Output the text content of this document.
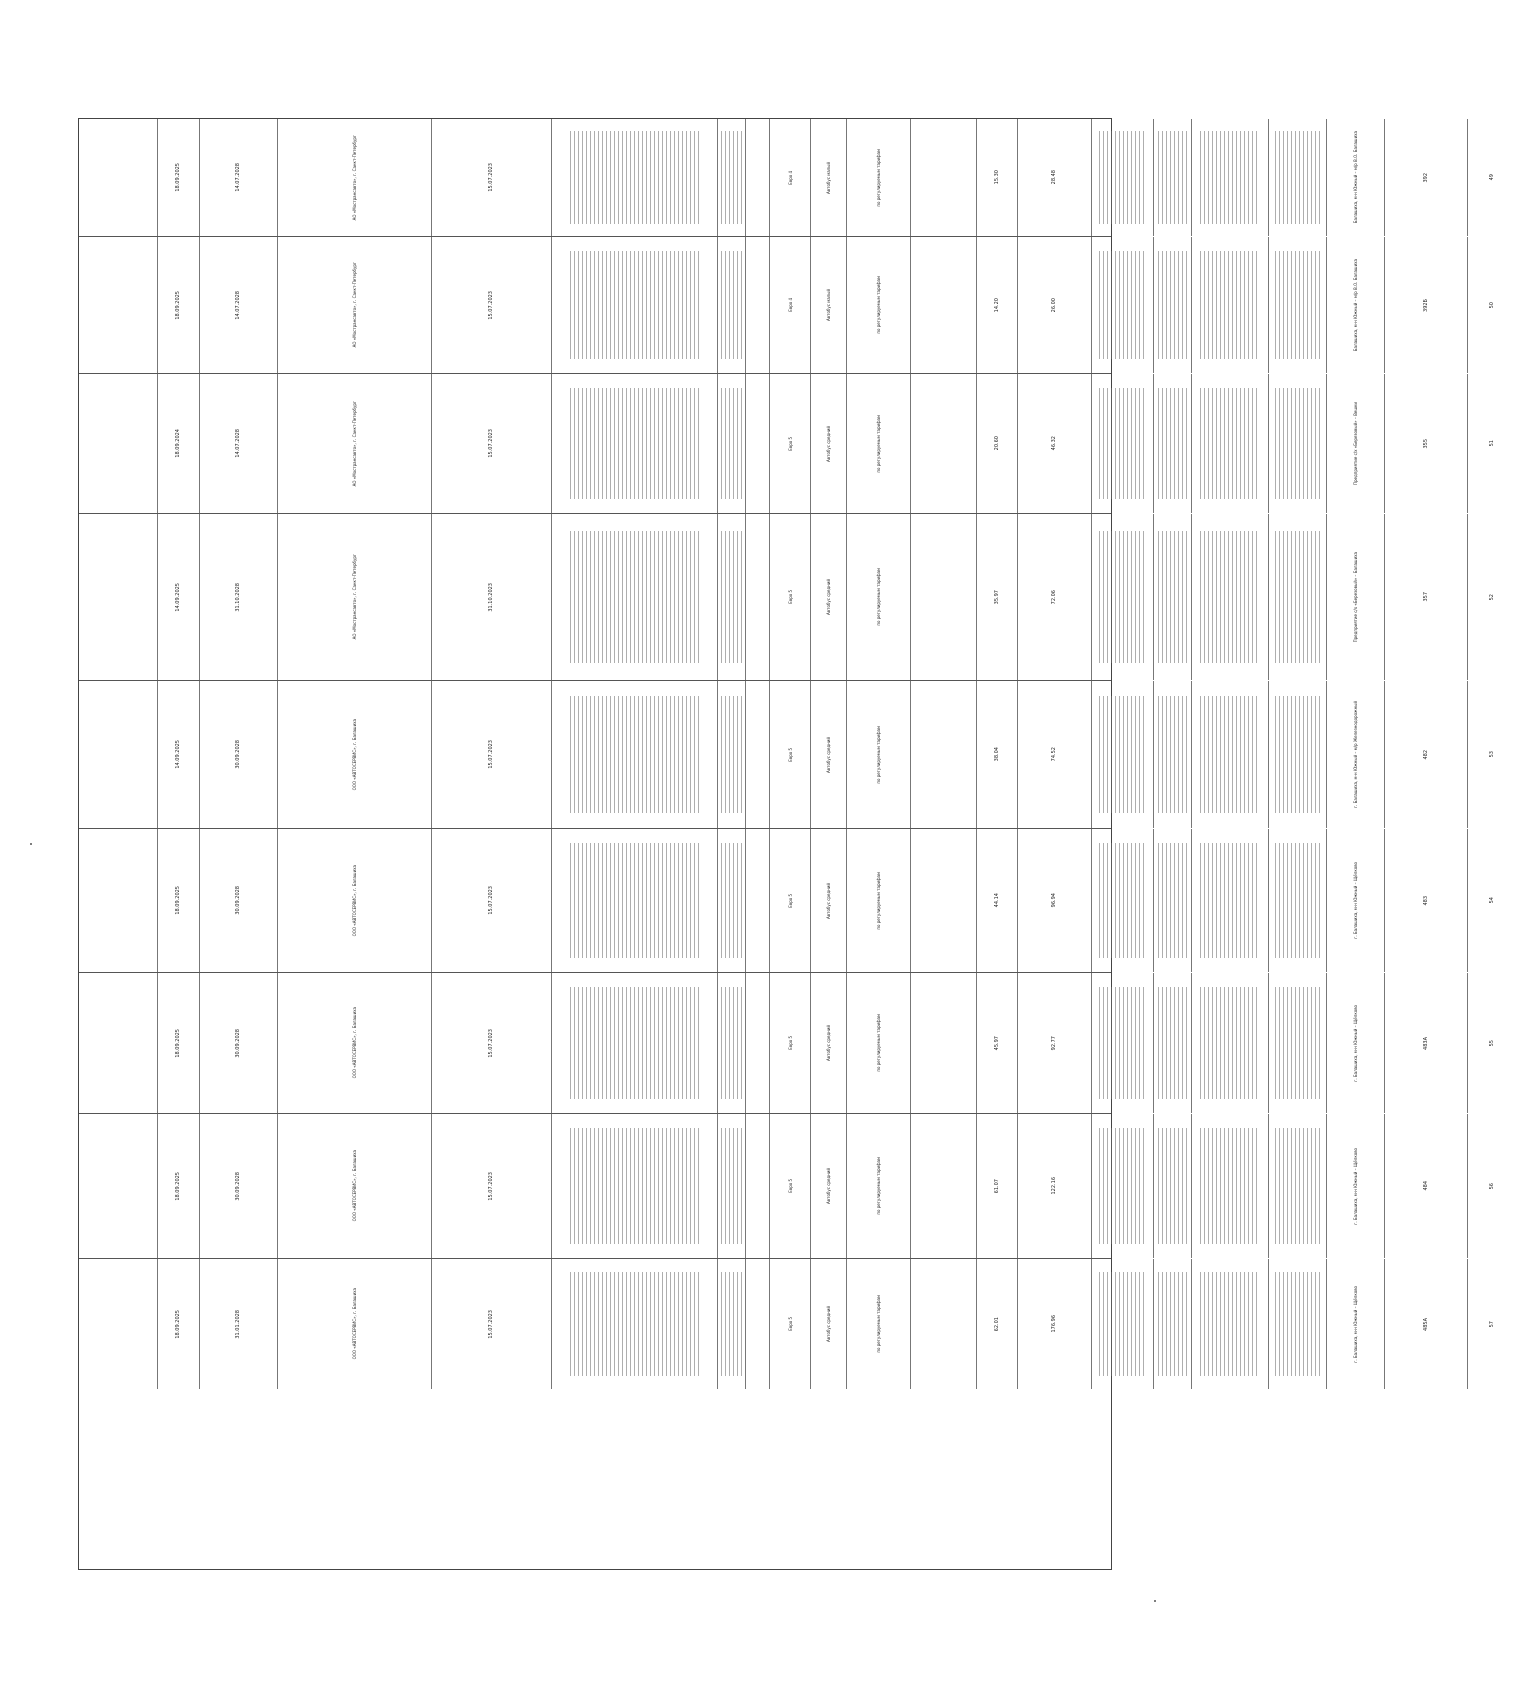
18.09.2025	14.07.2028	АО «Мострансавто», г. Санкт-Петербург	15.07.2023	Евро 4	Автобус малый	по регулируемым тарифам	15.30	28.48	Балашиха, м-н Южный – м/р В.О. Балашиха	392	49
18.09.2025	14.07.2028	АО «Мострансавто», г. Санкт-Петербург	15.07.2023	Евро 4	Автобус малый	по регулируемым тарифам	14.20	26.00	Балашиха, м-н Южный – м/р В.О. Балашиха	392Б	50
18.09.2024	14.07.2028	АО «Мострансавто», г. Санкт-Петербург	15.07.2023	Евро 5	Автобус средний	по регулируемым тарифам	20.60	46.32	Предприятие с/х «Березовый» – Вешки	355	51
14.09.2025	31.10.2028	АО «Мострансавто», г. Санкт-Петербург	31.10.2023	Евро 5	Автобус средний	по регулируемым тарифам	35.97	72.06	Предприятие с/х «Березовый» – Балашиха	357	52
14.09.2025	30.09.2028	ООО «АВТОСЕРВИС», г. Балашиха	15.07.2023	Евро 5	Автобус средний	по регулируемым тарифам	38.04	74.52	г. Балашиха, м-н Южный – м/р Железнодорожный	482	53
18.09.2025	30.09.2028	ООО «АВТОСЕРВИС», г. Балашиха	15.07.2023	Евро 5	Автобус средний	по регулируемым тарифам	44.14	96.94	г. Балашиха, м-н Южный – Щёлково	483	54
18.09.2025	30.09.2028	ООО «АВТОСЕРВИС», г. Балашиха	15.07.2023	Евро 5	Автобус средний	по регулируемым тарифам	45.97	92.77	г. Балашиха, м-н Южный – Щёлково	483А	55
18.09.2025	30.09.2028	ООО «АВТОСЕРВИС», г. Балашиха	15.07.2023	Евро 5	Автобус средний	по регулируемым тарифам	61.07	122.16	г. Балашиха, м-н Южный – Щёлково	484	56
18.09.2025	31.01.2028	ООО «АВТОСЕРВИС», г. Балашиха	15.07.2023	Евро 5	Автобус средний	по регулируемым тарифам	62.01	176.96	г. Балашиха, м-н Южный – Щёлково	485А	57
